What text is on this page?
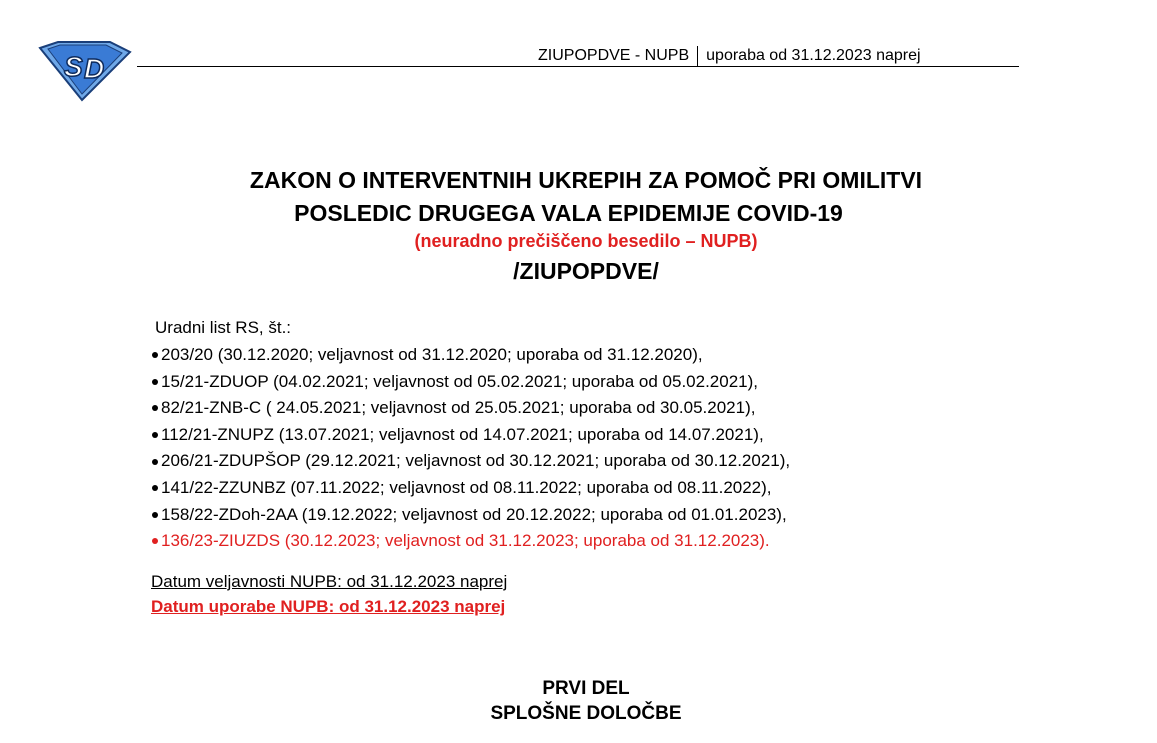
S D	ZIUPOPDVE - NUPB uporaba od 31.12.2023 naprej
ZAKON O INTERVENTNIH UKREPIH ZA POMOČ PRI OMILITVI
POSLEDIC DRUGEGA VALA EPIDEMIJE COVID-19
(neuradno prečiščeno besedilo – NUPB)
/ZIUPOPDVE/
Uradni list RS, št.:
203/20 (30.12.2020; veljavnost od 31.12.2020; uporaba od 31.12.2020),
15/21-ZDUOP (04.02.2021; veljavnost od 05.02.2021; uporaba od 05.02.2021),
82/21-ZNB-C ( 24.05.2021; veljavnost od 25.05.2021; uporaba od 30.05.2021),
112/21-ZNUPZ (13.07.2021; veljavnost od 14.07.2021; uporaba od 14.07.2021),
206/21-ZDUPŠOP (29.12.2021; veljavnost od 30.12.2021; uporaba od 30.12.2021),
141/22-ZZUNBZ (07.11.2022; veljavnost od 08.11.2022; uporaba od 08.11.2022),
158/22-ZDoh-2AA (19.12.2022; veljavnost od 20.12.2022; uporaba od 01.01.2023),
136/23-ZIUZDS (30.12.2023; veljavnost od 31.12.2023; uporaba od 31.12.2023).
Datum veljavnosti NUPB: od 31.12.2023 naprej
Datum uporabe NUPB: od 31.12.2023 naprej
PRVI DEL
SPLOŠNE DOLOČBE
